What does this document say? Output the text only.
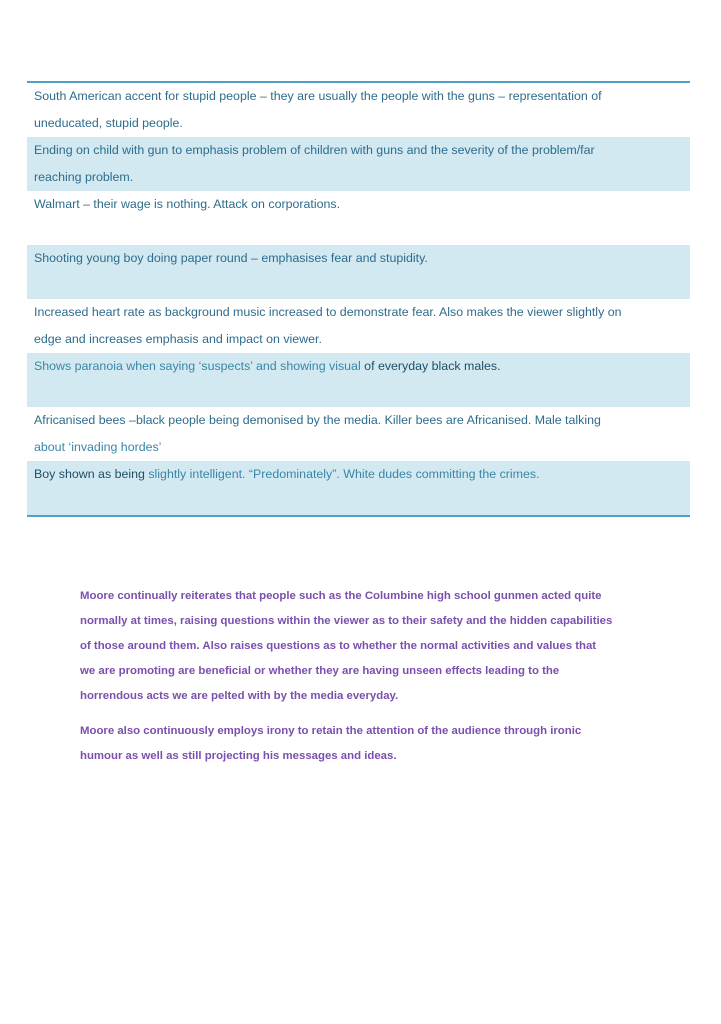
South American accent for stupid people – they are usually the people with the guns – representation of
uneducated, stupid people.
Ending on child with gun to emphasis problem of children with guns and the severity of the problem/far
reaching problem.
Walmart – their wage is nothing. Attack on corporations.
Shooting young boy doing paper round – emphasises fear and stupidity.
Increased heart rate as background music increased to demonstrate fear. Also makes the viewer slightly on
edge and increases emphasis and impact on viewer.
Shows paranoia when saying ‘suspects’ and showing visual of everyday black males.
Africanised bees –black people being demonised by the media. Killer bees are Africanised. Male talking
about ‘invading hordes’
Boy shown as being slightly intelligent. “Predominately”. White dudes committing the crimes.

Moore continually reiterates that people such as the Columbine high school gunmen acted quite
normally at times, raising questions within the viewer as to their safety and the hidden capabilities
of those around them. Also raises questions as to whether the normal activities and values that
we are promoting are beneficial or whether they are having unseen effects leading to the
horrendous acts we are pelted with by the media everyday.

Moore also continuously employs irony to retain the attention of the audience through ironic
humour as well as still projecting his messages and ideas.
